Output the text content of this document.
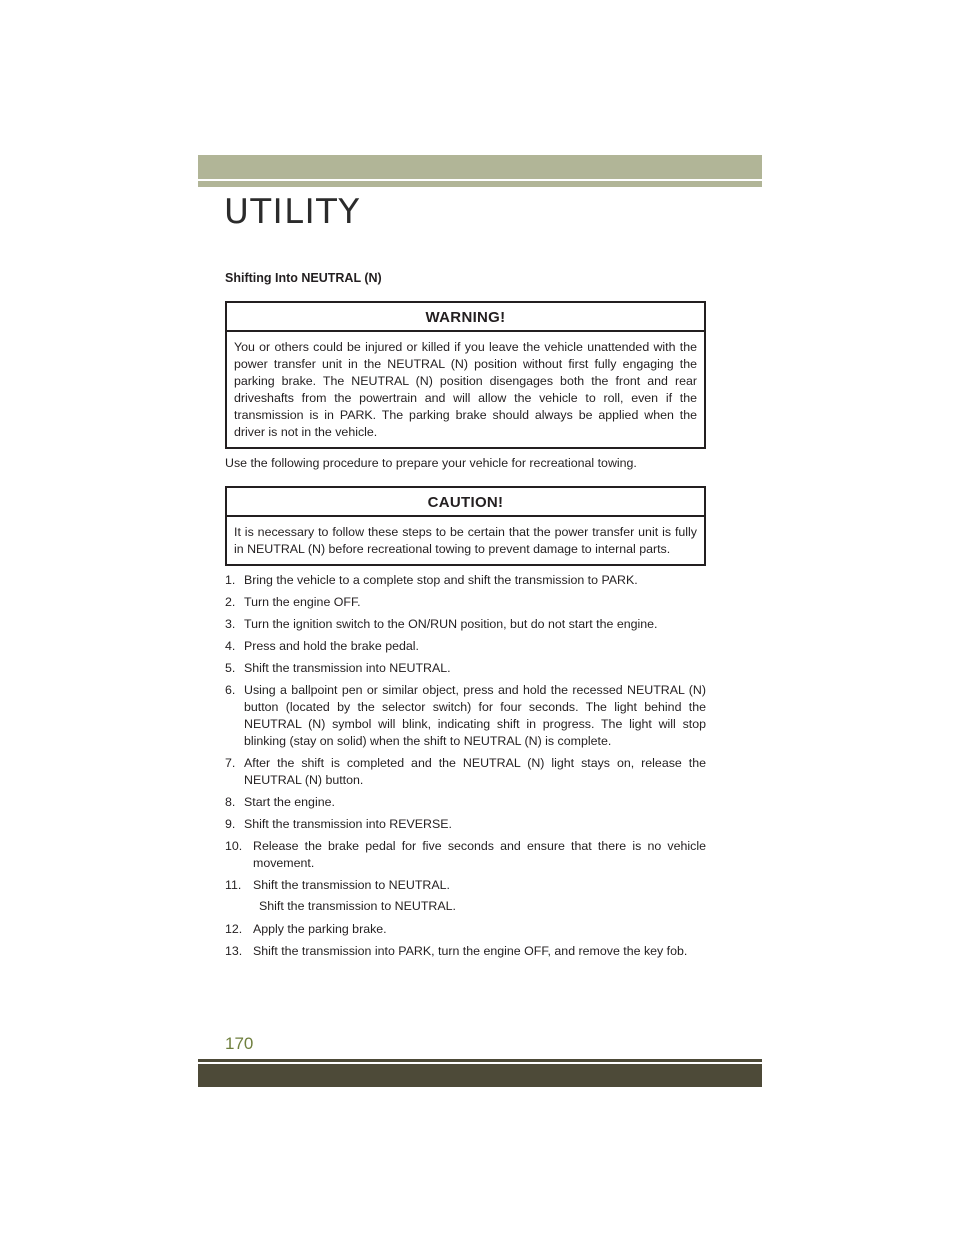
UTILITY

Shifting Into NEUTRAL (N)

WARNING!
You or others could be injured or killed if you leave the vehicle unattended with the power transfer unit in the NEUTRAL (N) position without first fully engaging the parking brake. The NEUTRAL (N) position disengages both the front and rear driveshafts from the powertrain and will allow the vehicle to roll, even if the transmission is in PARK. The parking brake should always be applied when the driver is not in the vehicle.

Use the following procedure to prepare your vehicle for recreational towing.

CAUTION!
It is necessary to follow these steps to be certain that the power transfer unit is fully in NEUTRAL (N) before recreational towing to prevent damage to internal parts.
1. Bring the vehicle to a complete stop and shift the transmission to PARK.
2. Turn the engine OFF.
3. Turn the ignition switch to the ON/RUN position, but do not start the engine.
4. Press and hold the brake pedal.
5. Shift the transmission into NEUTRAL.
6. Using a ballpoint pen or similar object, press and hold the recessed NEUTRAL (N) button (located by the selector switch) for four seconds. The light behind the NEUTRAL (N) symbol will blink, indicating shift in progress. The light will stop blinking (stay on solid) when the shift to NEUTRAL (N) is complete.
7. After the shift is completed and the NEUTRAL (N) light stays on, release the NEUTRAL (N) button.
8. Start the engine.
9. Shift the transmission into REVERSE.
10. Release the brake pedal for five seconds and ensure that there is no vehicle movement.
11. Shift the transmission to NEUTRAL.
Shift the transmission to NEUTRAL.
12. Apply the parking brake.
13. Shift the transmission into PARK, turn the engine OFF, and remove the key fob.
170
